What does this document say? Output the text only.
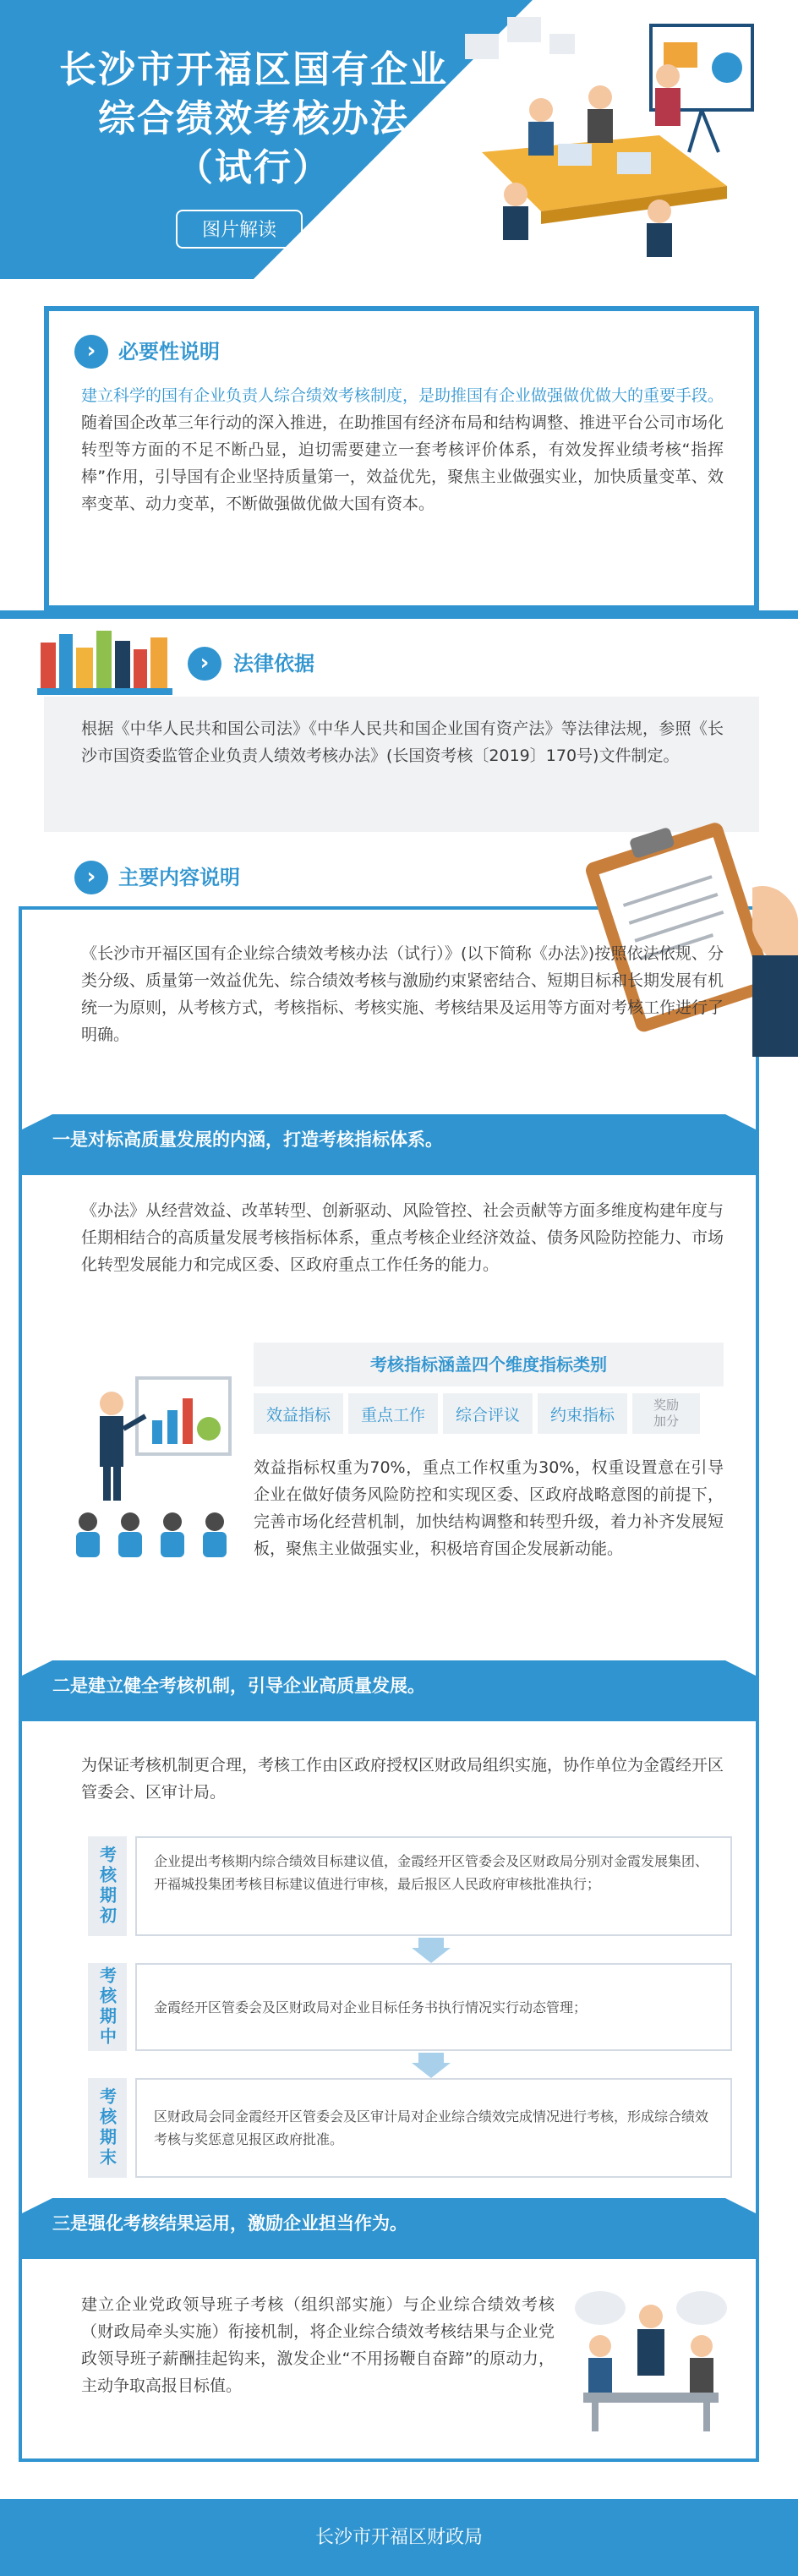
长沙市开福区国有企业
综合绩效考核办法
（试行）
图片解读
›	必要性说明
建立科学的国有企业负责人综合绩效考核制度，是助推国有企业做强做优做大的重要手段。随着国企改革三年行动的深入推进，在助推国有经济布局和结构调整、推进平台公司市场化转型等方面的不足不断凸显，迫切需要建立一套考核评价体系，有效发挥业绩考核“指挥棒”作用，引导国有企业坚持质量第一，效益优先，聚焦主业做强实业，加快质量变革、效率变革、动力变革，不断做强做优做大国有资本。
›	法律依据
根据《中华人民共和国公司法》《中华人民共和国企业国有资产法》等法律法规，参照《长沙市国资委监管企业负责人绩效考核办法》(长国资考核〔2019〕170号)文件制定。
›	主要内容说明
《长沙市开福区国有企业综合绩效考核办法（试行）》(以下简称《办法》)按照依法依规、分类分级、质量第一效益优先、综合绩效考核与激励约束紧密结合、短期目标和长期发展有机统一为原则，从考核方式，考核指标、考核实施、考核结果及运用等方面对考核工作进行了明确。
一是对标高质量发展的内涵，打造考核指标体系。
《办法》从经营效益、改革转型、创新驱动、风险管控、社会贡献等方面多维度构建年度与任期相结合的高质量发展考核指标体系，重点考核企业经济效益、债务风险防控能力、市场化转型发展能力和完成区委、区政府重点工作任务的能力。
考核指标涵盖四个维度指标类别
效益指标	重点工作	综合评议	约束指标	奖励
加分
效益指标权重为70%，重点工作权重为30%，权重设置意在引导企业在做好债务风险防控和实现区委、区政府战略意图的前提下，完善市场化经营机制，加快结构调整和转型升级，着力补齐发展短板，聚焦主业做强实业，积极培育国企发展新动能。
二是建立健全考核机制，引导企业高质量发展。
为保证考核机制更合理，考核工作由区政府授权区财政局组织实施，协作单位为金霞经开区管委会、区审计局。
考核期初	企业提出考核期内综合绩效目标建议值，金霞经开区管委会及区财政局分别对金霞发展集团、开福城投集团考核目标建议值进行审核，最后报区人民政府审核批准执行；
考核期中	金霞经开区管委会及区财政局对企业目标任务书执行情况实行动态管理；
考核期末	区财政局会同金霞经开区管委会及区审计局对企业综合绩效完成情况进行考核，形成综合绩效考核与奖惩意见报区政府批准。
三是强化考核结果运用，激励企业担当作为。
建立企业党政领导班子考核（组织部实施）与企业综合绩效考核（财政局牵头实施）衔接机制，将企业综合绩效考核结果与企业党政领导班子薪酬挂起钩来，激发企业“不用扬鞭自奋蹄”的原动力，主动争取高报目标值。
长沙市开福区财政局
